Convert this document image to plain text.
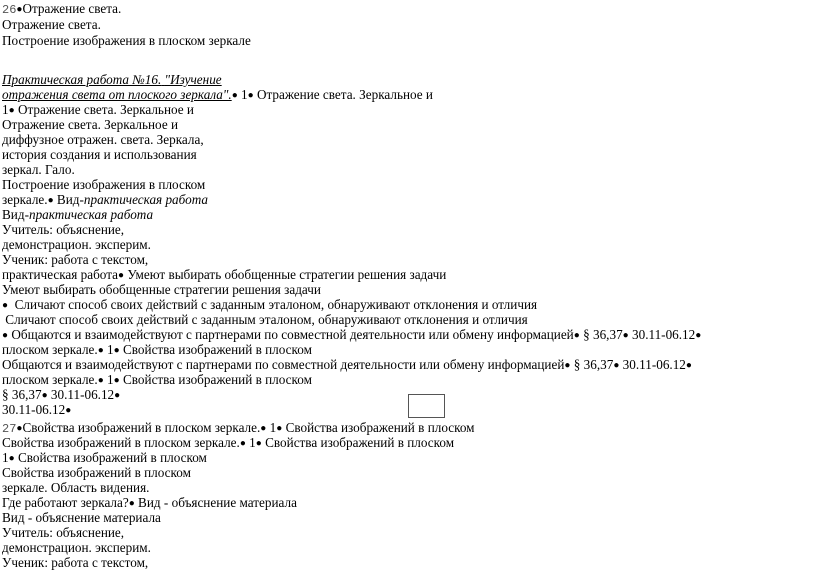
26●Отражение света.
Отражение света.
Построение изображения в плоском зеркале
Практическая работа №16. "Изучение
отражения света от плоского зеркала".● 1● Отражение света. Зеркальное и
1● Отражение света. Зеркальное и
Отражение света. Зеркальное и
диффузное отражен. света. Зеркала,
история создания и использования
зеркал. Гало.
Построение изображения в плоском
зеркале.● Вид-практическая работа
Вид-практическая работа
Учитель: объяснение,
демонстрацион. эксперим.
Ученик: работа с текстом,
практическая работа● Умеют выбирать обобщенные стратегии решения задачи
Умеют выбирать обобщенные стратегии решения задачи
● Сличают способ своих действий с заданным эталоном, обнаруживают отклонения и отличия
Сличают способ своих действий с заданным эталоном, обнаруживают отклонения и отличия
● Общаются и взаимодействуют с партнерами по совместной деятельности или обмену информацией● § 36,37● 30.11-06.12●
плоском зеркале.● 1● Свойства изображений в плоском
Общаются и взаимодействуют с партнерами по совместной деятельности или обмену информацией● § 36,37● 30.11-06.12●
плоском зеркале.● 1● Свойства изображений в плоском
§ 36,37● 30.11-06.12●
30.11-06.12●
27●Свойства изображений в плоском зеркале.● 1● Свойства изображений в плоском
Свойства изображений в плоском зеркале.● 1● Свойства изображений в плоском
1● Свойства изображений в плоском
Свойства изображений в плоском
зеркале. Область видения.
Где работают зеркала?● Вид - объяснение материала
Вид - объяснение материала
Учитель: объяснение,
демонстрацион. эксперим.
Ученик: работа с текстом,
